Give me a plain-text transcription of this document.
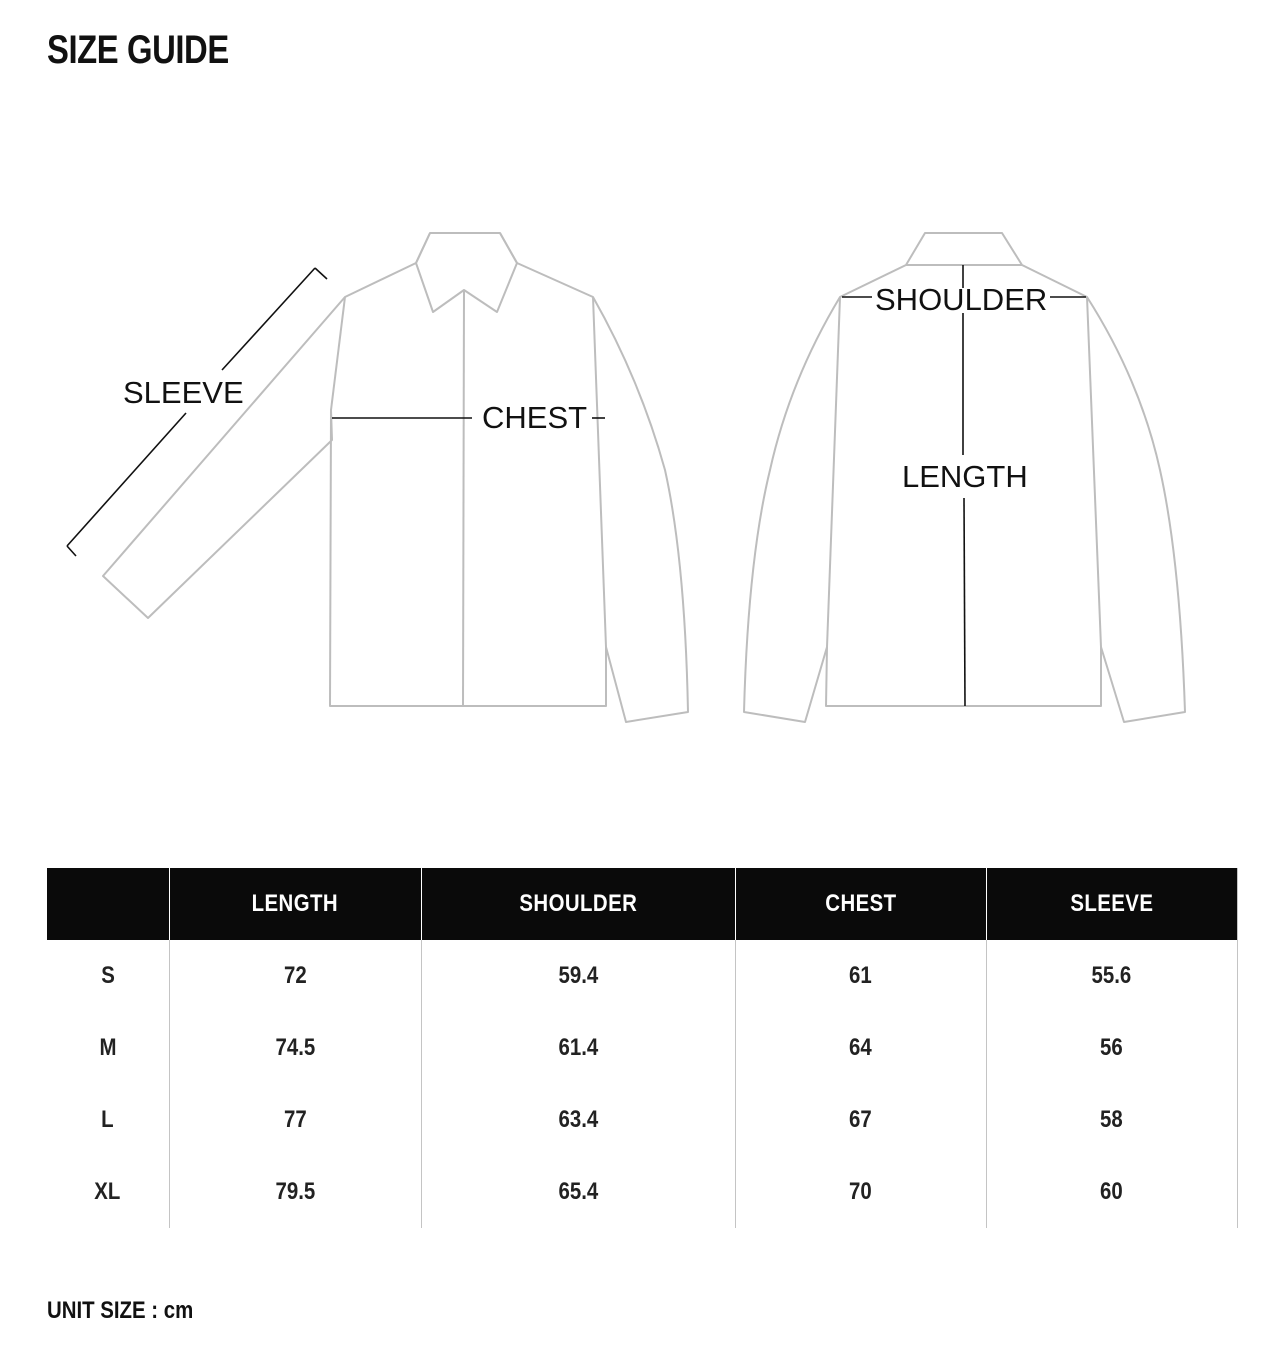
SIZE GUIDE
SLEEVE
CHEST
SHOULDER
LENGTH
	LENGTH	SHOULDER	CHEST	SLEEVE
S	72	59.4	61	55.6
M	74.5	61.4	64	56
L	77	63.4	67	58
XL	79.5	65.4	70	60
UNIT SIZE : cm
